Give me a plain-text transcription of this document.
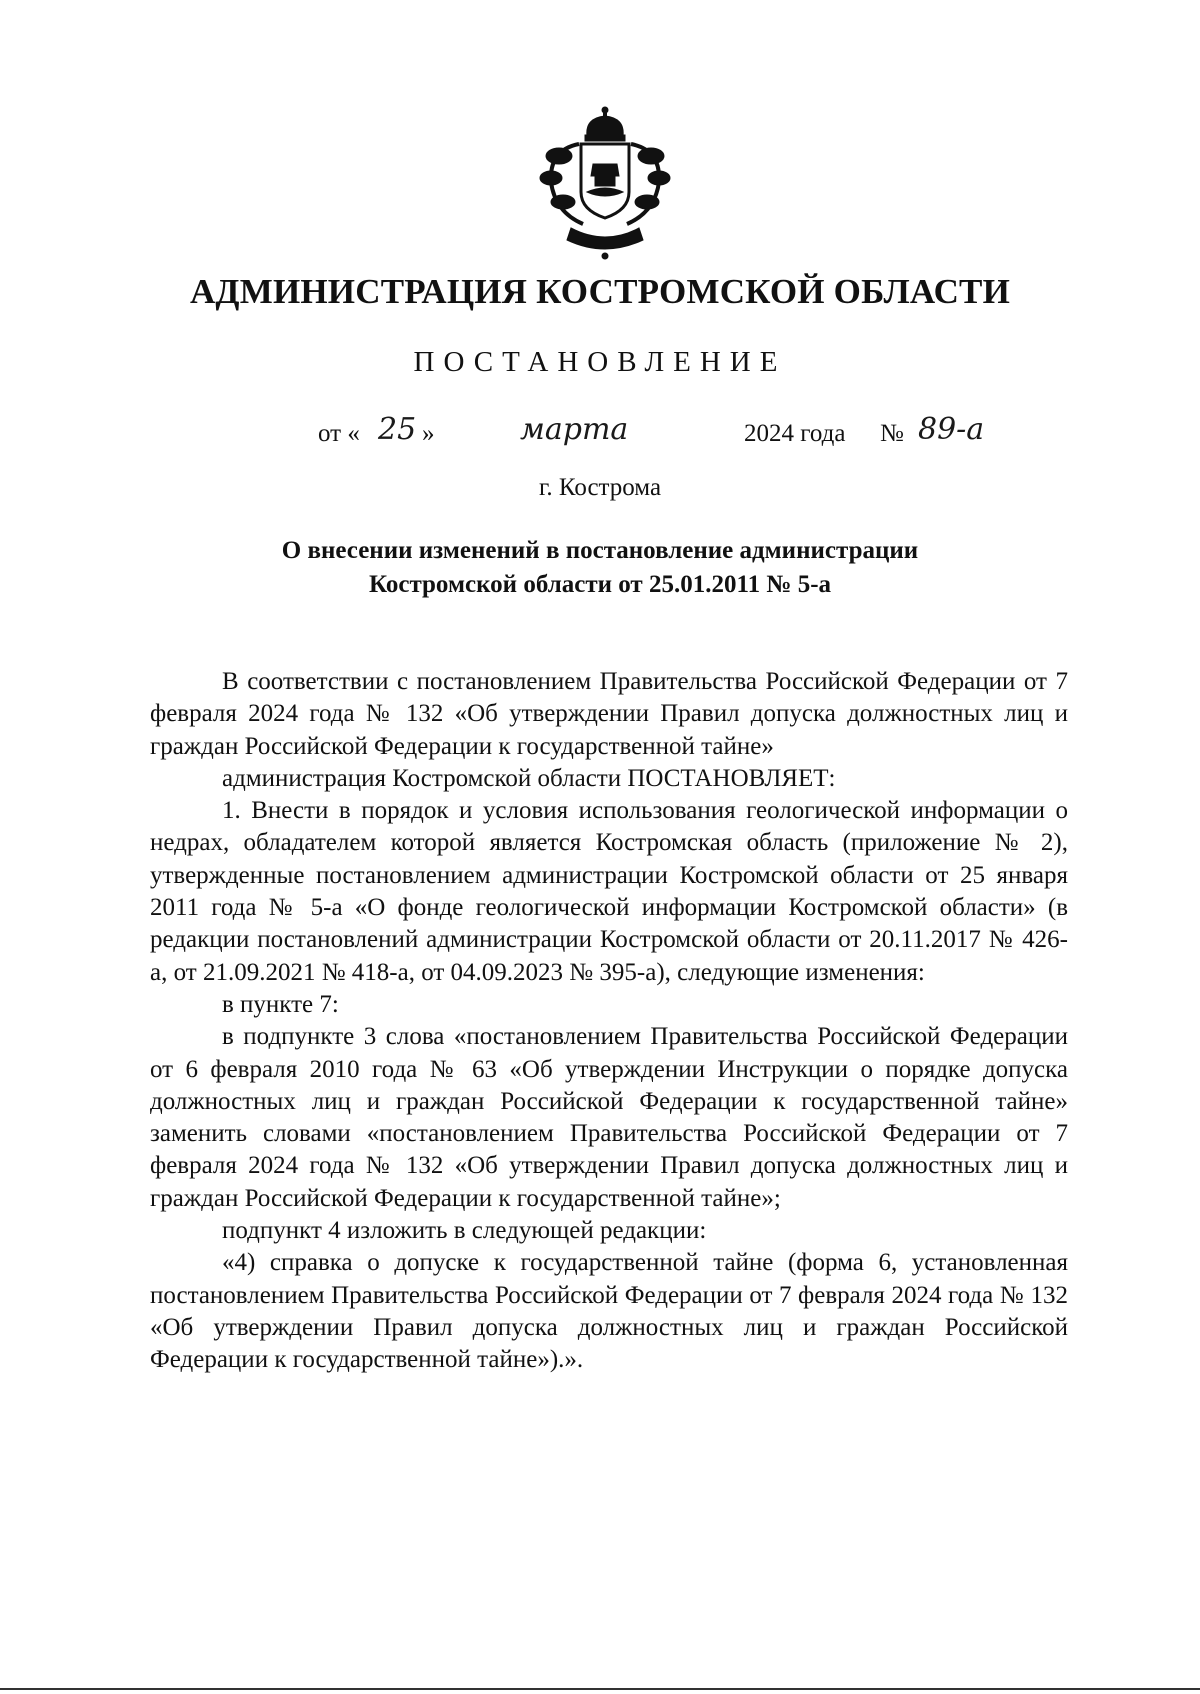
АДМИНИСТРАЦИЯ КОСТРОМСКОЙ ОБЛАСТИ
ПОСТАНОВЛЕНИЕ
от « 25 »	марта	2024 года № 89-а
г. Кострома
О внесении изменений в постановление администрации
Костромской области от 25.01.2011 № 5-а

В соответствии с постановлением Правительства Российской Федерации от 7 февраля 2024 года № 132 «Об утверждении Правил допуска должностных лиц и граждан Российской Федерации к государственной тайне»

администрация Костромской области ПОСТАНОВЛЯЕТ:

1. Внести в порядок и условия использования геологической информации о недрах, обладателем которой является Костромская область (приложение № 2), утвержденные постановлением администрации Костромской области от 25 января 2011 года № 5-а «О фонде геологической информации Костромской области» (в редакции постановлений администрации Костромской области от 20.11.2017 № 426-а, от 21.09.2021 № 418-а, от 04.09.2023 № 395-а), следующие изменения:

в пункте 7:

в подпункте 3 слова «постановлением Правительства Российской Федерации от 6 февраля 2010 года № 63 «Об утверждении Инструкции о порядке допуска должностных лиц и граждан Российской Федерации к государственной тайне» заменить словами «постановлением Правительства Российской Федерации от 7 февраля 2024 года № 132 «Об утверждении Правил допуска должностных лиц и граждан Российской Федерации к государственной тайне»;

подпункт 4 изложить в следующей редакции:

«4) справка о допуске к государственной тайне (форма 6, установленная постановлением Правительства Российской Федерации от 7 февраля 2024 года № 132 «Об утверждении Правил допуска должностных лиц и граждан Российской Федерации к государственной тайне»).».
